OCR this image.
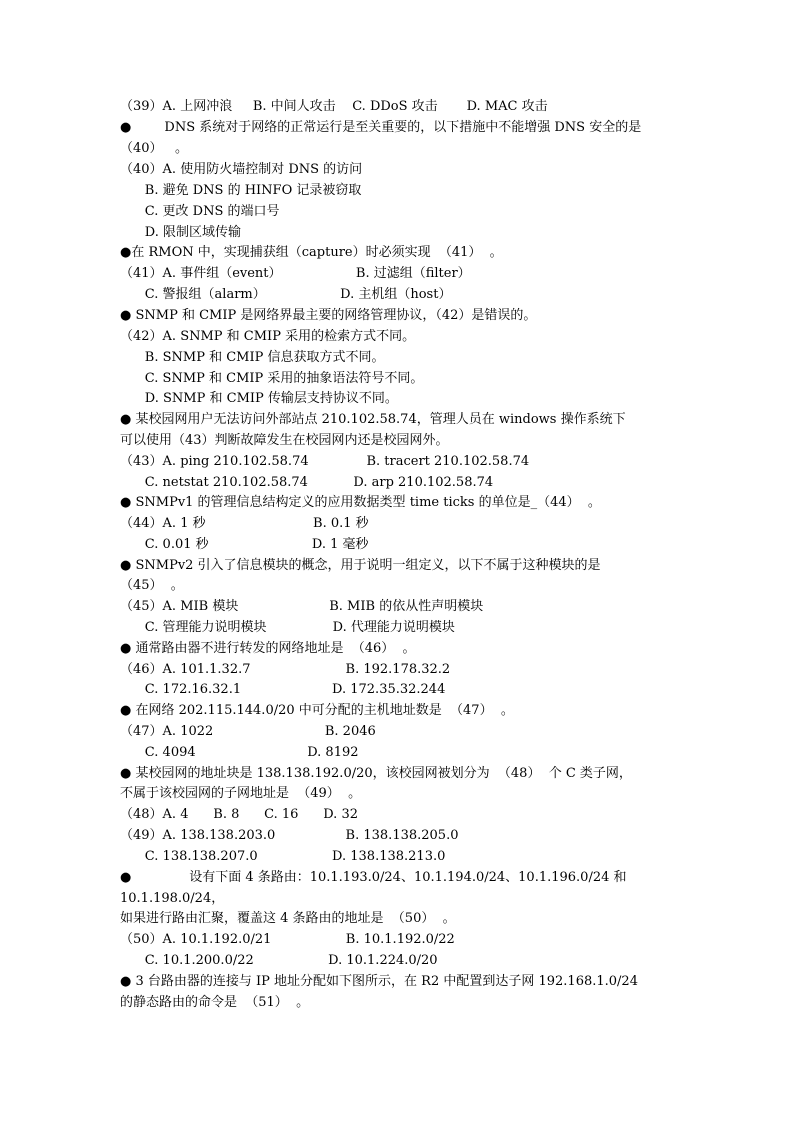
（39）A. 上网冲浪     B. 中间人攻击    C. DDoS 攻击       D. MAC 攻击
●        DNS 系统对于网络的正常运行是至关重要的，以下措施中不能增强 DNS 安全的是
（40）   。
（40）A. 使用防火墙控制对 DNS 的访问
B. 避免 DNS 的 HINFO 记录被窃取
C. 更改 DNS 的端口号
D. 限制区域传输
●在 RMON 中，实现捕获组（capture）时必须实现  （41）  。
（41）A. 事件组（event）                  B. 过滤组（filter）
C. 警报组（alarm）                  D. 主机组（host）
● SNMP 和 CMIP 是网络界最主要的网络管理协议，（42）是错误的。
（42）A. SNMP 和 CMIP 采用的检索方式不同。
B. SNMP 和 CMIP 信息获取方式不同。
C. SNMP 和 CMIP 采用的抽象语法符号不同。
D. SNMP 和 CMIP 传输层支持协议不同。
● 某校园网用户无法访问外部站点 210.102.58.74，管理人员在 windows 操作系统下
可以使用（43）判断故障发生在校园网内还是校园网外。
（43）A. ping 210.102.58.74              B. tracert 210.102.58.74
C. netstat 210.102.58.74           D. arp 210.102.58.74
● SNMPv1 的管理信息结构定义的应用数据类型 time ticks 的单位是_（44）  。
（44）A. 1 秒                          B. 0.1 秒
C. 0.01 秒                         D. 1 毫秒
● SNMPv2 引入了信息模块的概念，用于说明一组定义，以下不属于这种模块的是
（45）  。
（45）A. MIB 模块                      B. MIB 的依从性声明模块
C. 管理能力说明模块                D. 代理能力说明模块
● 通常路由器不进行转发的网络地址是  （46）  。
（46）A. 101.1.32.7                       B. 192.178.32.2
C. 172.16.32.1                      D. 172.35.32.244
● 在网络 202.115.144.0/20 中可分配的主机地址数是  （47）  。
（47）A. 1022                           B. 2046
C. 4094                           D. 8192
● 某校园网的地址块是 138.138.192.0/20，该校园网被划分为  （48）  个 C 类子网，
不属于该校园网的子网地址是  （49）  。
（48）A. 4      B. 8      C. 16      D. 32
（49）A. 138.138.203.0                 B. 138.138.205.0
C. 138.138.207.0                  D. 138.138.213.0
●              设有下面 4 条路由：10.1.193.0/24、10.1.194.0/24、10.1.196.0/24 和
10.1.198.0/24，
如果进行路由汇聚，覆盖这 4 条路由的地址是  （50）  。
（50）A. 10.1.192.0/21                  B. 10.1.192.0/22
C. 10.1.200.0/22                  D. 10.1.224.0/20
● 3 台路由器的连接与 IP 地址分配如下图所示，在 R2 中配置到达子网 192.168.1.0/24
的静态路由的命令是  （51）  。
